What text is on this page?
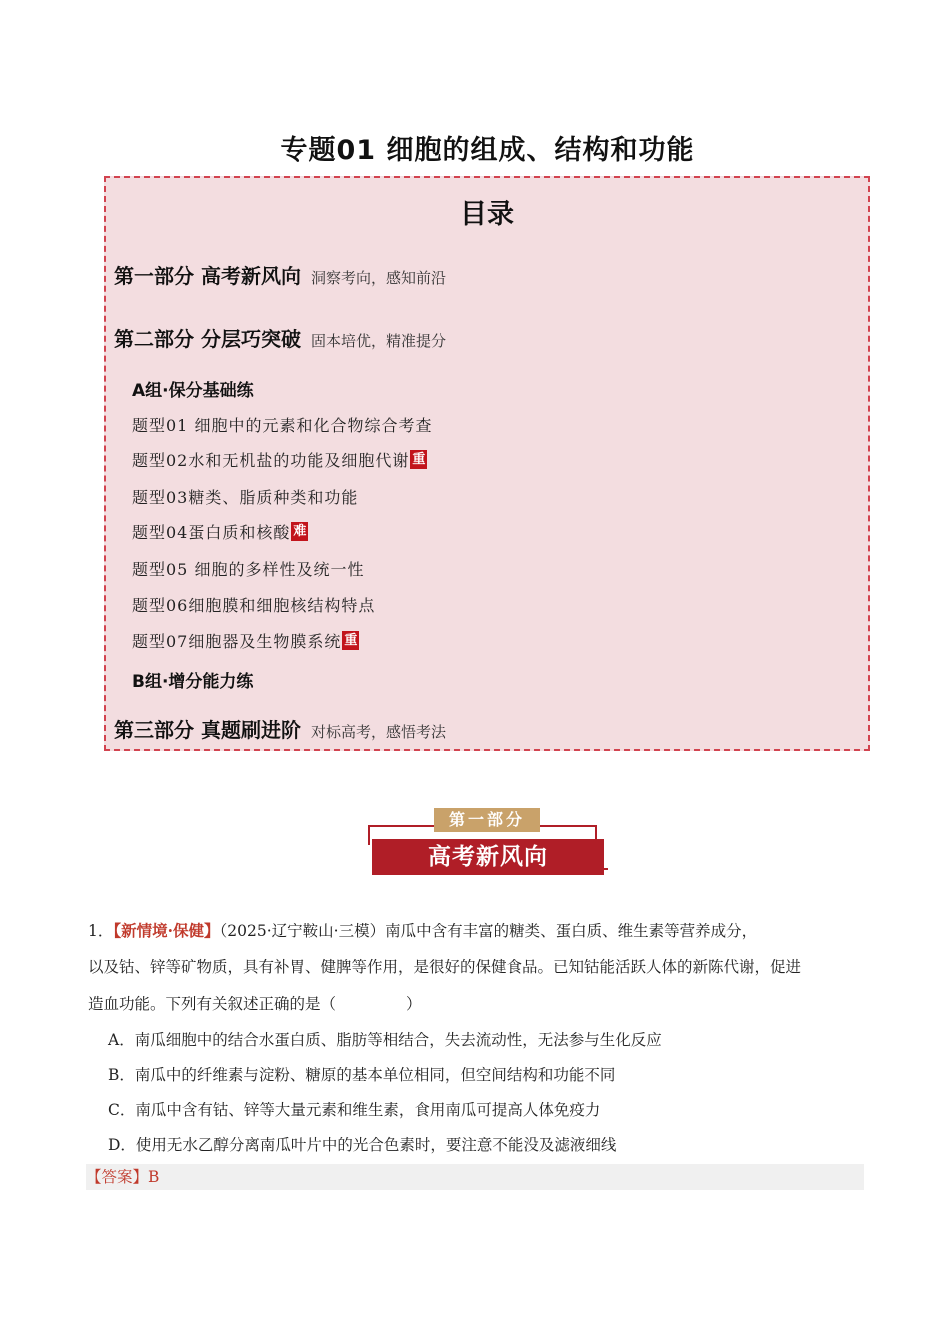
专题01 细胞的组成、结构和功能
目录
第一部分 高考新风向 洞察考向，感知前沿
第二部分 分层巧突破 固本培优，精准提分
A组·保分基础练
题型01 细胞中的元素和化合物综合考查
题型02水和无机盐的功能及细胞代谢 重
题型03糖类、脂质种类和功能
题型04蛋白质和核酸 难
题型05 细胞的多样性及统一性
题型06细胞膜和细胞核结构特点
题型07细胞器及生物膜系统 重
B组·增分能力练
第三部分 真题刷进阶 对标高考，感悟考法
第一部分
高考新风向
1．【新情境·保健】（2025·辽宁鞍山·三模）南瓜中含有丰富的糖类、蛋白质、维生素等营养成分，
以及钴、锌等矿物质，具有补胃、健脾等作用，是很好的保健食品。已知钴能活跃人体的新陈代谢，促进
造血功能。下列有关叙述正确的是（	）
A．南瓜细胞中的结合水蛋白质、脂肪等相结合，失去流动性，无法参与生化反应
B．南瓜中的纤维素与淀粉、糖原的基本单位相同，但空间结构和功能不同
C．南瓜中含有钴、锌等大量元素和维生素，食用南瓜可提高人体免疫力
D．使用无水乙醇分离南瓜叶片中的光合色素时，要注意不能没及滤液细线
【答案】B
